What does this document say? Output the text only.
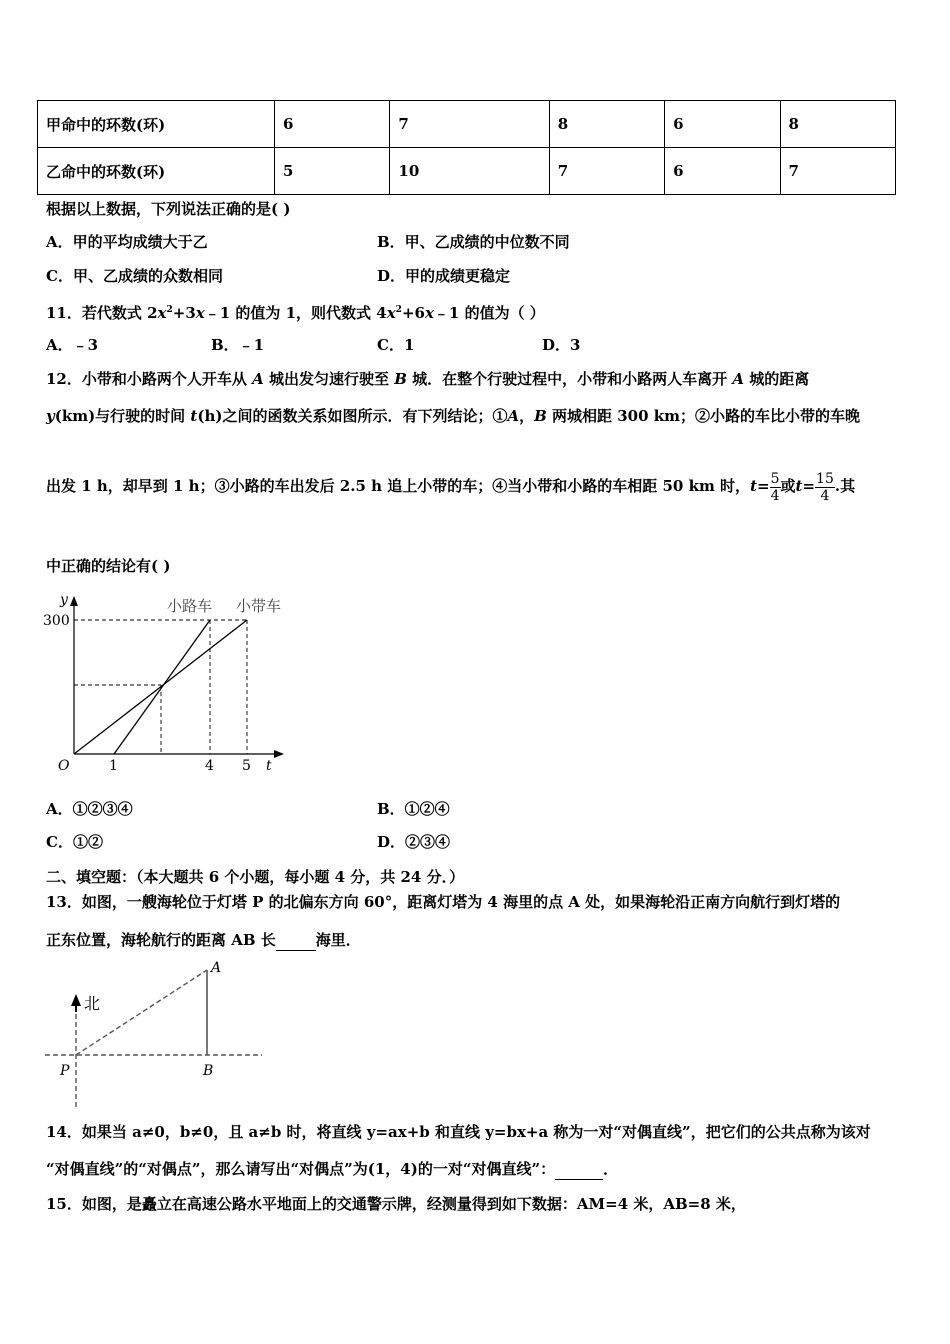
甲命中的环数(环)	6	7	8	6	8
乙命中的环数(环)	5	10	7	6	7
根据以上数据，下列说法正确的是( )
A．甲的平均成绩大于乙	B．甲、乙成绩的中位数不同
C．甲、乙成绩的众数相同	D．甲的成绩更稳定
11．若代数式 $2x^2+3x﹣1$ 的值为 1，则代数式 $4x^2+6x﹣1$ 的值为（ ）
A．﹣3	B．﹣1	C．1	D．3
12．小带和小路两个人开车从 A 城出发匀速行驶至 B 城．在整个行驶过程中，小带和小路两人车离开 A 城的距离
y(km)与行驶的时间 t(h)之间的函数关系如图所示．有下列结论；①A，B 两城相距 300 km；②小路的车比小带的车晚
出发 1 h，却早到 1 h；③小路的车出发后 2.5 h 追上小带的车；④当小带和小路的车相距 50 km 时，$t= \frac{5}{4}$ 或$t= \frac{15}{4}$ .其
中正确的结论有( )
y
t
O
300
1	4 5
小路车 小带车
A．①②③④	B．①②④
C．①②	D．②③④
二、填空题：（本大题共 6 个小题，每小题 4 分，共 24 分．）
13．如图，一艘海轮位于灯塔 P 的北偏东方向 60°，距离灯塔为 4 海里的点 A 处，如果海轮沿正南方向航行到灯塔的
正东位置，海轮航行的距离 AB 长	海里．
北
A
P	B
14．如果当 a≠0，b≠0，且 a≠b 时，将直线 y=ax+b 和直线 y=bx+a 称为一对“对偶直线”，把它们的公共点称为该对
“对偶直线”的“对偶点”，那么请写出“对偶点”为(1，4)的一对“对偶直线”：	．
15．如图，是矗立在高速公路水平地面上的交通警示牌，经测量得到如下数据：AM=4 米，AB=8 米，
